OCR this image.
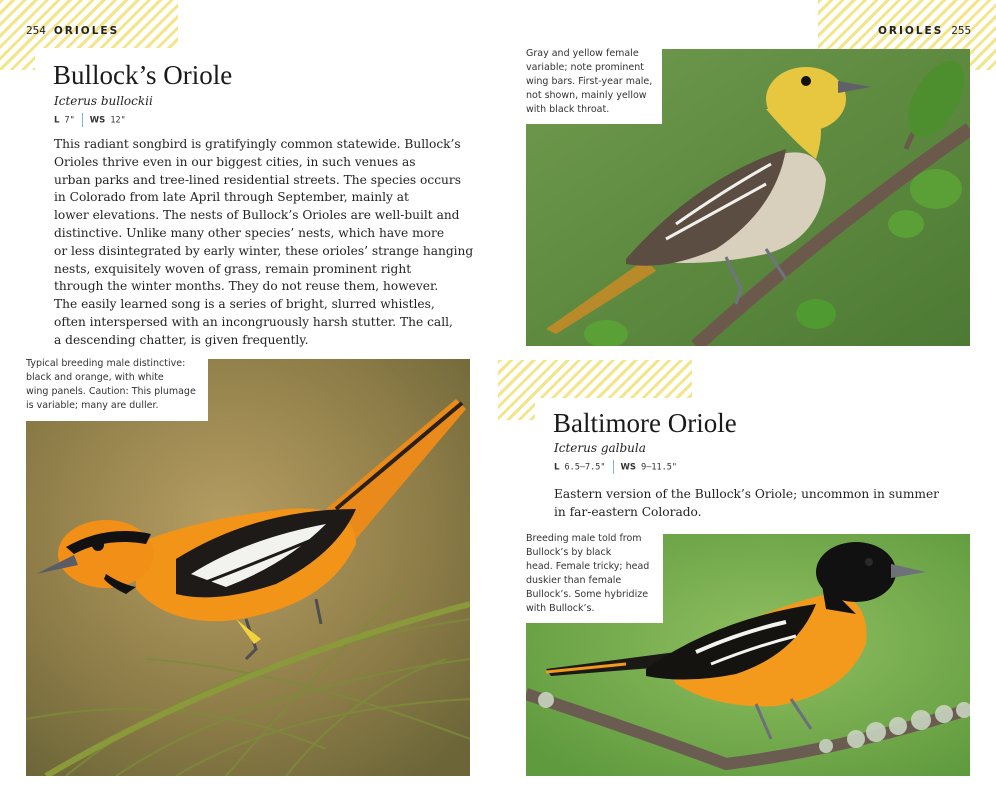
254 ORIOLES	ORIOLES 255
Bullock’s Oriole
Icterus bullockii
L 7" WS 12"
This radiant songbird is gratifyingly common statewide. Bullock’s
Orioles thrive even in our biggest cities, in such venues as
urban parks and tree-lined residential streets. The species occurs
in Colorado from late April through September, mainly at
lower elevations. The nests of Bullock’s Orioles are well-built and
distinctive. Unlike many other species’ nests, which have more
or less disintegrated by early winter, these orioles’ strange hanging
nests, exquisitely woven of grass, remain prominent right
through the winter months. They do not reuse them, however.
The easily learned song is a series of bright, slurred whistles,
often interspersed with an incongruously harsh stutter. The call,
a descending chatter, is given frequently.
Typical breeding male distinctive:
black and orange, with white
wing panels. Caution: This plumage
is variable; many are duller.
Gray and yellow female
variable; note prominent
wing bars. First-year male,
not shown, mainly yellow
with black throat.
Baltimore Oriole
Icterus galbula
L 6.5–7.5" WS 9–11.5"
Eastern version of the Bullock’s Oriole; uncommon in summer
in far-eastern Colorado.
Breeding male told from
Bullock’s by black
head. Female tricky; head
duskier than female
Bullock’s. Some hybridize
with Bullock’s.
